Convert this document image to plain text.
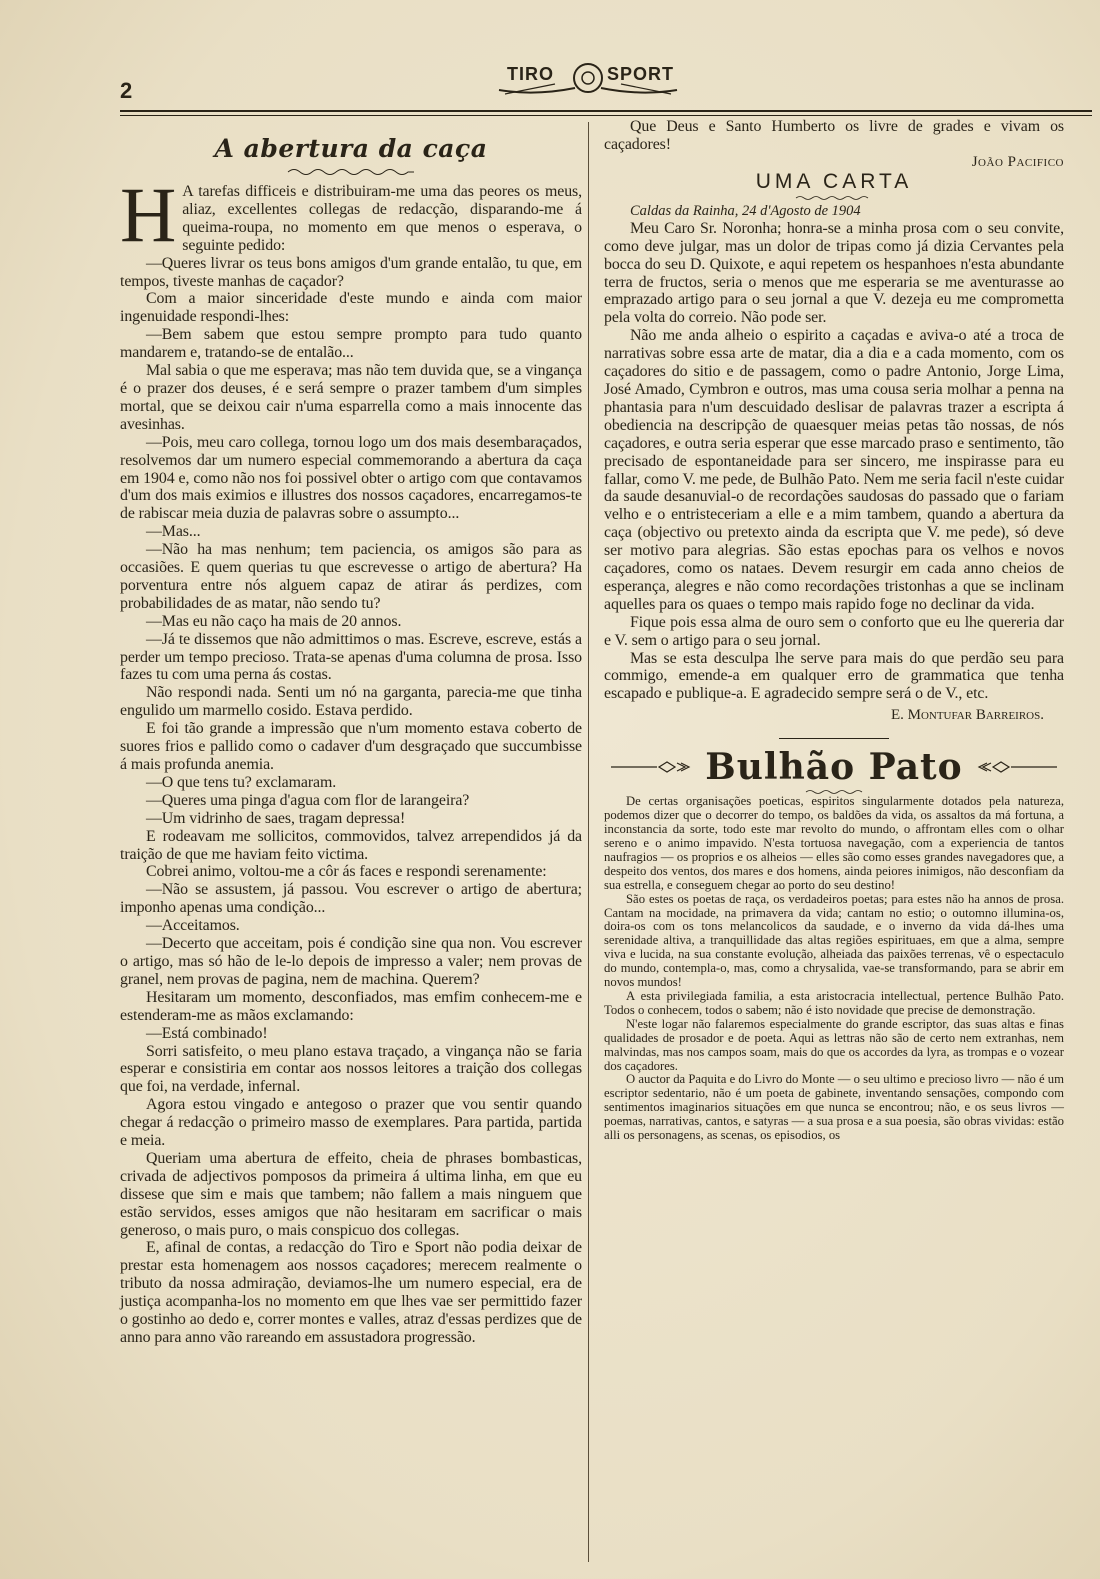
2
TIRO	SPORT
A abertura da caça

H A tarefas difficeis e distribuiram-me uma das peores os meus, aliaz, excellentes collegas de redacção, disparando-me á queima-roupa, no momento em que menos o esperava, o seguinte pedido:

—Queres livrar os teus bons amigos d'um grande entalão, tu que, em tempos, tiveste manhas de caçador?

Com a maior sinceridade d'este mundo e ainda com maior ingenuidade respondi-lhes:

—Bem sabem que estou sempre prompto para tudo quanto mandarem e, tratando-se de entalão...

Mal sabia o que me esperava; mas não tem duvida que, se a vingança é o prazer dos deuses, é e será sempre o prazer tambem d'um simples mortal, que se deixou cair n'uma esparrella como a mais innocente das avesinhas.

—Pois, meu caro collega, tornou logo um dos mais desembaraçados, resolvemos dar um numero especial commemorando a abertura da caça em 1904 e, como não nos foi possivel obter o artigo com que contavamos d'um dos mais eximios e illustres dos nossos caçadores, encarregamos-te de rabiscar meia duzia de palavras sobre o assumpto...

—Mas...

—Não ha mas nenhum; tem paciencia, os amigos são para as occasiões. E quem querias tu que escrevesse o artigo de abertura? Ha porventura entre nós alguem capaz de atirar ás perdizes, com probabilidades de as matar, não sendo tu?

—Mas eu não caço ha mais de 20 annos.

—Já te dissemos que não admittimos o mas. Escreve, escreve, estás a perder um tempo precioso. Trata-se apenas d'uma columna de prosa. Isso fazes tu com uma perna ás costas.

Não respondi nada. Senti um nó na garganta, parecia-me que tinha engulido um marmello cosido. Estava perdido.

E foi tão grande a impressão que n'um momento estava coberto de suores frios e pallido como o cadaver d'um desgraçado que succumbisse á mais profunda anemia.

—O que tens tu? exclamaram.

—Queres uma pinga d'agua com flor de larangeira?

—Um vidrinho de saes, tragam depressa!

E rodeavam me sollicitos, commovidos, talvez arrependidos já da traição de que me haviam feito victima.

Cobrei animo, voltou-me a côr ás faces e respondi serenamente:

—Não se assustem, já passou. Vou escrever o artigo de abertura; imponho apenas uma condição...

—Acceitamos.

—Decerto que acceitam, pois é condição sine qua non. Vou escrever o artigo, mas só hão de le-lo depois de impresso a valer; nem provas de granel, nem provas de pagina, nem de machina. Querem?

Hesitaram um momento, desconfiados, mas emfim conhecem-me e estenderam-me as mãos exclamando:

—Está combinado!

Sorri satisfeito, o meu plano estava traçado, a vingança não se faria esperar e consistiria em contar aos nossos leitores a traição dos collegas que foi, na verdade, infernal.

Agora estou vingado e antegoso o prazer que vou sentir quando chegar á redacção o primeiro masso de exemplares. Para partida, partida e meia.

Queriam uma abertura de effeito, cheia de phrases bombasticas, crivada de adjectivos pomposos da primeira á ultima linha, em que eu dissese que sim e mais que tambem; não fallem a mais ninguem que estão servidos, esses amigos que não hesitaram em sacrificar o mais generoso, o mais puro, o mais conspicuo dos collegas.

E, afinal de contas, a redacção do Tiro e Sport não podia deixar de prestar esta homenagem aos nossos caçadores; merecem realmente o tributo da nossa admiração, deviamos-lhe um numero especial, era de justiça acompanha-los no momento em que lhes vae ser permittido fazer o gostinho ao dedo e, correr montes e valles, atraz d'essas perdizes que de anno para anno vão rareando em assustadora progressão.

Que Deus e Santo Humberto os livre de grades e vivam os caçadores!

João Pacifico
UMA CARTA
Caldas da Rainha, 24 d'Agosto de 1904

Meu Caro Sr. Noronha; honra-se a minha prosa com o seu convite, como deve julgar, mas un dolor de tripas como já dizia Cervantes pela bocca do seu D. Quixote, e aqui repetem os hespanhoes n'esta abundante terra de fructos, seria o menos que me esperaria se me aventurasse ao emprazado artigo para o seu jornal a que V. dezeja eu me comprometta pela volta do correio. Não pode ser.

Não me anda alheio o espirito a caçadas e aviva-o até a troca de narrativas sobre essa arte de matar, dia a dia e a cada momento, com os caçadores do sitio e de passagem, como o padre Antonio, Jorge Lima, José Amado, Cymbron e outros, mas uma cousa seria molhar a penna na phantasia para n'um descuidado deslisar de palavras trazer a escripta á obediencia na descripção de quaesquer meias petas tão nossas, de nós caçadores, e outra seria esperar que esse marcado praso e sentimento, tão precisado de espontaneidade para ser sincero, me inspirasse para eu fallar, como V. me pede, de Bulhão Pato. Nem me seria facil n'este cuidar da saude desanuvial-o de recordações saudosas do passado que o fariam velho e o entristeceriam a elle e a mim tambem, quando a abertura da caça (objectivo ou pretexto ainda da escripta que V. me pede), só deve ser motivo para alegrias. São estas epochas para os velhos e novos caçadores, como os nataes. Devem resurgir em cada anno cheios de esperança, alegres e não como recordações tristonhas a que se inclinam aquelles para os quaes o tempo mais rapido foge no declinar da vida.

Fique pois essa alma de ouro sem o conforto que eu lhe quereria dar e V. sem o artigo para o seu jornal.

Mas se esta desculpa lhe serve para mais do que perdão seu para commigo, emende-a em qualquer erro de grammatica que tenha escapado e publique-a. E agradecido sempre será o de V., etc.

E. Montufar Barreiros.
Bulhão Pato

De certas organisações poeticas, espiritos singularmente dotados pela natureza, podemos dizer que o decorrer do tempo, os baldões da vida, os assaltos da má fortuna, a inconstancia da sorte, todo este mar revolto do mundo, o affrontam elles com o olhar sereno e o animo impavido. N'esta tortuosa navegação, com a experiencia de tantos naufragios — os proprios e os alheios — elles são como esses grandes navegadores que, a despeito dos ventos, dos mares e dos homens, ainda peiores inimigos, não desconfiam da sua estrella, e conseguem chegar ao porto do seu destino!

São estes os poetas de raça, os verdadeiros poetas; para estes não ha annos de prosa. Cantam na mocidade, na primavera da vida; cantam no estio; o outomno illumina-os, doira-os com os tons melancolicos da saudade, e o inverno da vida dá-lhes uma serenidade altiva, a tranquillidade das altas regiões espirituaes, em que a alma, sempre viva e lucida, na sua constante evolução, alheiada das paixões terrenas, vê o espectaculo do mundo, contempla-o, mas, como a chrysalida, vae-se transformando, para se abrir em novos mundos!

A esta privilegiada familia, a esta aristocracia intellectual, pertence Bulhão Pato. Todos o conhecem, todos o sabem; não é isto novidade que precise de demonstração.

N'este logar não falaremos especialmente do grande escriptor, das suas altas e finas qualidades de prosador e de poeta. Aqui as lettras não são de certo nem extranhas, nem malvindas, mas nos campos soam, mais do que os accordes da lyra, as trompas e o vozear dos caçadores.

O auctor da Paquita e do Livro do Monte — o seu ultimo e precioso livro — não é um escriptor sedentario, não é um poeta de gabinete, inventando sensações, compondo com sentimentos imaginarios situações em que nunca se encontrou; não, e os seus livros — poemas, narrativas, cantos, e satyras — a sua prosa e a sua poesia, são obras vividas: estão alli os personagens, as scenas, os episodios, os
